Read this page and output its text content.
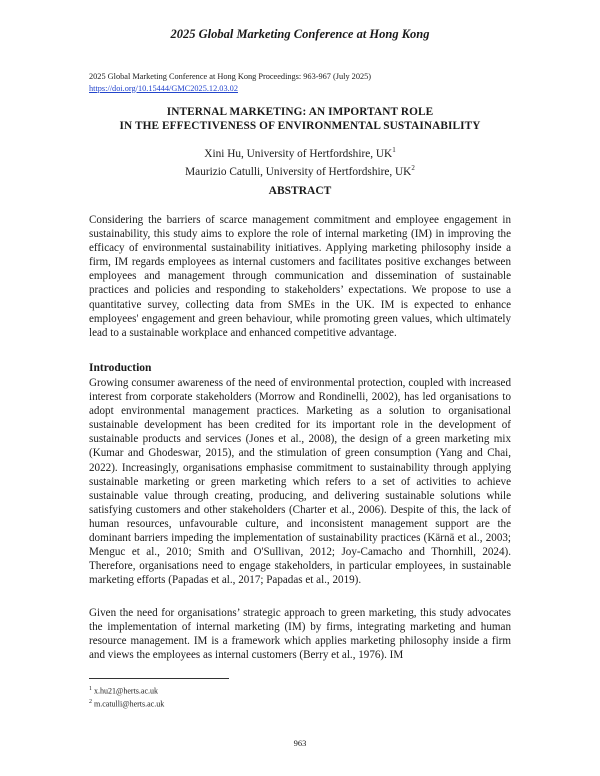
2025 Global Marketing Conference at Hong Kong
2025 Global Marketing Conference at Hong Kong Proceedings: 963-967 (July 2025)
https://doi.org/10.15444/GMC2025.12.03.02
INTERNAL MARKETING: AN IMPORTANT ROLE
IN THE EFFECTIVENESS OF ENVIRONMENTAL SUSTAINABILITY
Xini Hu, University of Hertfordshire, $UK^1$
Maurizio Catulli, University of Hertfordshire, $UK^2$
ABSTRACT
Considering the barriers of scarce management commitment and employee engagement in sustainability, this study aims to explore the role of internal marketing (IM) in improving the efficacy of environmental sustainability initiatives. Applying marketing philosophy inside a firm, IM regards employees as internal customers and facilitates positive exchanges between employees and management through communication and dissemination of sustainable practices and policies and responding to stakeholders’ expectations. We propose to use a quantitative survey, collecting data from SMEs in the UK. IM is expected to enhance employees' engagement and green behaviour, while promoting green values, which ultimately lead to a sustainable workplace and enhanced competitive advantage.
Introduction
Growing consumer awareness of the need of environmental protection, coupled with increased interest from corporate stakeholders (Morrow and Rondinelli, 2002), has led organisations to adopt environmental management practices. Marketing as a solution to organisational sustainable development has been credited for its important role in the development of sustainable products and services (Jones et al., 2008), the design of a green marketing mix (Kumar and Ghodeswar, 2015), and the stimulation of green consumption (Yang and Chai, 2022). Increasingly, organisations emphasise commitment to sustainability through applying sustainable marketing or green marketing which refers to a set of activities to achieve sustainable value through creating, producing, and delivering sustainable solutions while satisfying customers and other stakeholders (Charter et al., 2006). Despite of this, the lack of human resources, unfavourable culture, and inconsistent management support are the dominant barriers impeding the implementation of sustainability practices (Kärnä et al., 2003; Menguc et al., 2010; Smith and O'Sullivan, 2012; Joy-Camacho and Thornhill, 2024). Therefore, organisations need to engage stakeholders, in particular employees, in sustainable marketing efforts (Papadas et al., 2017; Papadas et al., 2019).
Given the need for organisations’ strategic approach to green marketing, this study advocates the implementation of internal marketing (IM) by firms, integrating marketing and human resource management. IM is a framework which applies marketing philosophy inside a firm and views the employees as internal customers (Berry et al., 1976). IM
$^1$ x.hu21@herts.ac.uk
$^2$ m.catulli@herts.ac.uk
963
